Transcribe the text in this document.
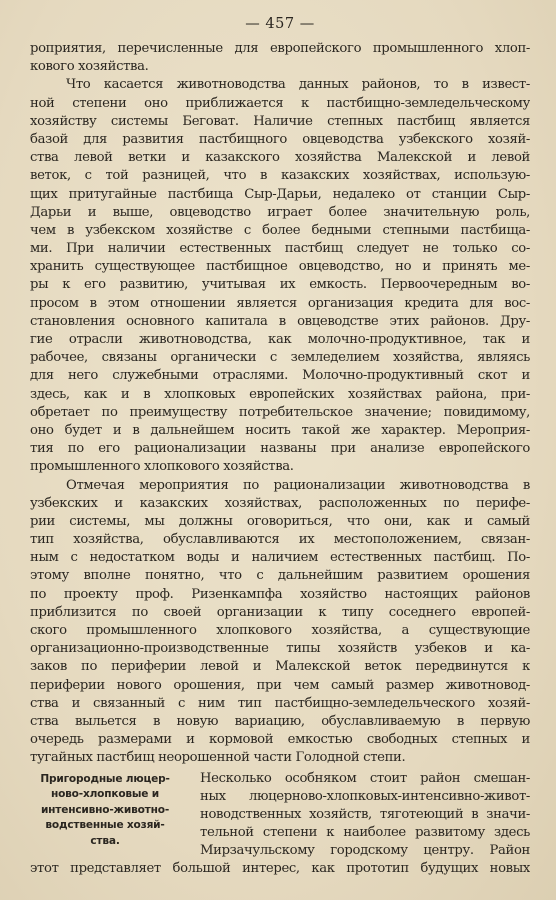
— 457 —
роприятия, перечисленные для европейского промышленного хлоп-
кового хозяйства.
Что касается животноводства данных районов, то в извест-
ной степени оно приближается к пастбищно-земледельческому
хозяйству системы Беговат. Наличие степных пастбищ является
базой для развития пастбищного овцеводства узбекского хозяй-
ства левой ветки и казакского хозяйства Малекской и левой
веток, с той разницей, что в казакских хозяйствах, использую-
щих притугайные пастбища Сыр-Дарьи, недалеко от станции Сыр-
Дарьи и выше, овцеводство играет более значительную роль,
чем в узбекском хозяйстве с более бедными степными пастбища-
ми. При наличии естественных пастбищ следует не только со-
хранить существующее пастбищное овцеводство, но и принять ме-
ры к его развитию, учитывая их емкость. Первоочередным во-
просом в этом отношении является организация кредита для вос-
становления основного капитала в овцеводстве этих районов. Дру-
гие отрасли животноводства, как молочно-продуктивное, так и
рабочее, связаны органически с земледелием хозяйства, являясь
для него служебными отраслями. Молочно-продуктивный скот и
здесь, как и в хлопковых европейских хозяйствах района, при-
обретает по преимуществу потребительское значение; повидимому,
оно будет и в дальнейшем носить такой же характер. Мероприя-
тия по его рационализации названы при анализе европейского
промышленного хлопкового хозяйства.
Отмечая мероприятия по рационализации животноводства в
узбекских и казакских хозяйствах, расположенных по перифе-
рии системы, мы должны оговориться, что они, как и самый
тип хозяйства, обуславливаются их местоположением, связан-
ным с недостатком воды и наличием естественных пастбищ. По-
этому вполне понятно, что с дальнейшим развитием орошения
по проекту проф. Ризенкампфа хозяйство настоящих районов
приблизится по своей организации к типу соседнего европей-
ского промышленного хлопкового хозяйства, а существующие
организационно-производственные типы хозяйств узбеков и ка-
заков по периферии левой и Малекской веток передвинутся к
периферии нового орошения, при чем самый размер животновод-
ства и связанный с ним тип пастбищно-земледельческого хозяй-
ства выльется в новую вариацию, обуславливаемую в первую
очередь размерами и кормовой емкостью свободных степных и
тугайных пастбищ неорошенной части Голодной степи.
Пригородные люцер-
ново-хлопковые и
интенсивно-животно-
водственные хозяй-
ства.
Несколько особняком стоит район смешан-
ных люцерново-хлопковых-интенсивно-живот-
новодственных хозяйств, тяготеющий в значи-
тельной степени к наиболее развитому здесь
Мирзачульскому городскому центру. Район
этот представляет большой интерес, как прототип будущих новых
